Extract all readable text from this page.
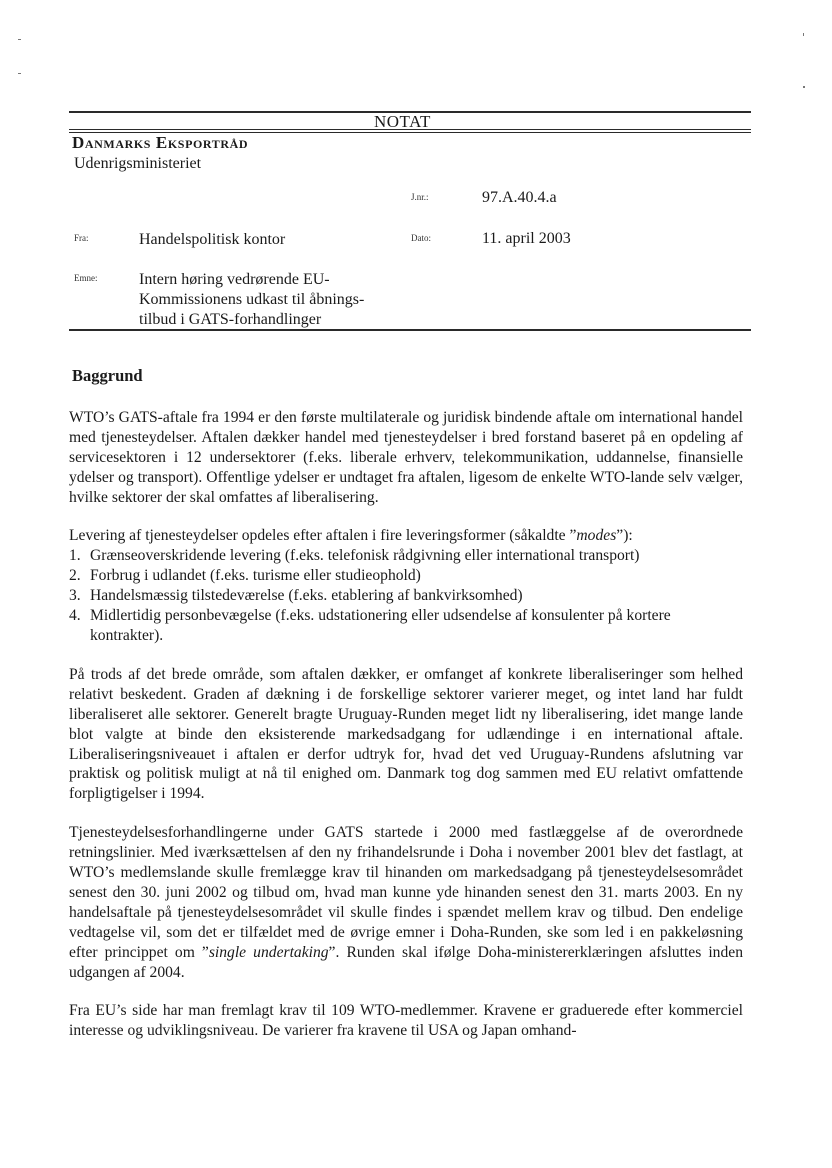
NOTAT
Danmarks Eksportråd
Udenrigsministeriet
J.nr.:	97.A.40.4.a
Fra:	Handelspolitisk kontor	Dato:	11. april 2003
Emne:	Intern høring vedrørende EU-Kommissionens udkast til åbnings-tilbud i GATS-forhandlinger
Baggrund

WTO’s GATS-aftale fra 1994 er den første multilaterale og juridisk bindende aftale om international handel med tjenesteydelser. Aftalen dækker handel med tjenesteydelser i bred forstand baseret på en opdeling af servicesektoren i 12 undersektorer (f.eks. liberale erhverv, telekommunikation, uddannelse, finansielle ydelser og transport). Offentlige ydelser er undtaget fra aftalen, ligesom de enkelte WTO-lande selv vælger, hvilke sektorer der skal omfattes af liberalisering.

Levering af tjenesteydelser opdeles efter aftalen i fire leveringsformer (såkaldte ”modes”):

1. Grænseoverskridende levering (f.eks. telefonisk rådgivning eller international transport)
2. Forbrug i udlandet (f.eks. turisme eller studieophold)
3. Handelsmæssig tilstedeværelse (f.eks. etablering af bankvirksomhed)
4. Midlertidig personbevægelse (f.eks. udstationering eller udsendelse af konsulenter på kortere kontrakter).

På trods af det brede område, som aftalen dækker, er omfanget af konkrete liberaliseringer som helhed relativt beskedent. Graden af dækning i de forskellige sektorer varierer meget, og intet land har fuldt liberaliseret alle sektorer. Generelt bragte Uruguay-Runden meget lidt ny liberalisering, idet mange lande blot valgte at binde den eksisterende markedsadgang for udlændinge i en international aftale. Liberaliseringsniveauet i aftalen er derfor udtryk for, hvad det ved Uruguay-Rundens afslutning var praktisk og politisk muligt at nå til enighed om. Danmark tog dog sammen med EU relativt omfattende forpligtigelser i 1994.

Tjenesteydelsesforhandlingerne under GATS startede i 2000 med fastlæggelse af de overordnede retningslinier. Med iværksættelsen af den ny frihandelsrunde i Doha i november 2001 blev det fastlagt, at WTO’s medlemslande skulle fremlægge krav til hinanden om markedsadgang på tjenesteydelsesområdet senest den 30. juni 2002 og tilbud om, hvad man kunne yde hinanden senest den 31. marts 2003. En ny handelsaftale på tjenesteydelsesområdet vil skulle findes i spændet mellem krav og tilbud. Den endelige vedtagelse vil, som det er tilfældet med de øvrige emner i Doha-Runden, ske som led i en pakkeløsning efter princippet om ”single undertaking”. Runden skal ifølge Doha-ministererklæringen afsluttes inden udgangen af 2004.

Fra EU’s side har man fremlagt krav til 109 WTO-medlemmer. Kravene er graduerede efter kommerciel interesse og udviklingsniveau. De varierer fra kravene til USA og Japan omhand-
